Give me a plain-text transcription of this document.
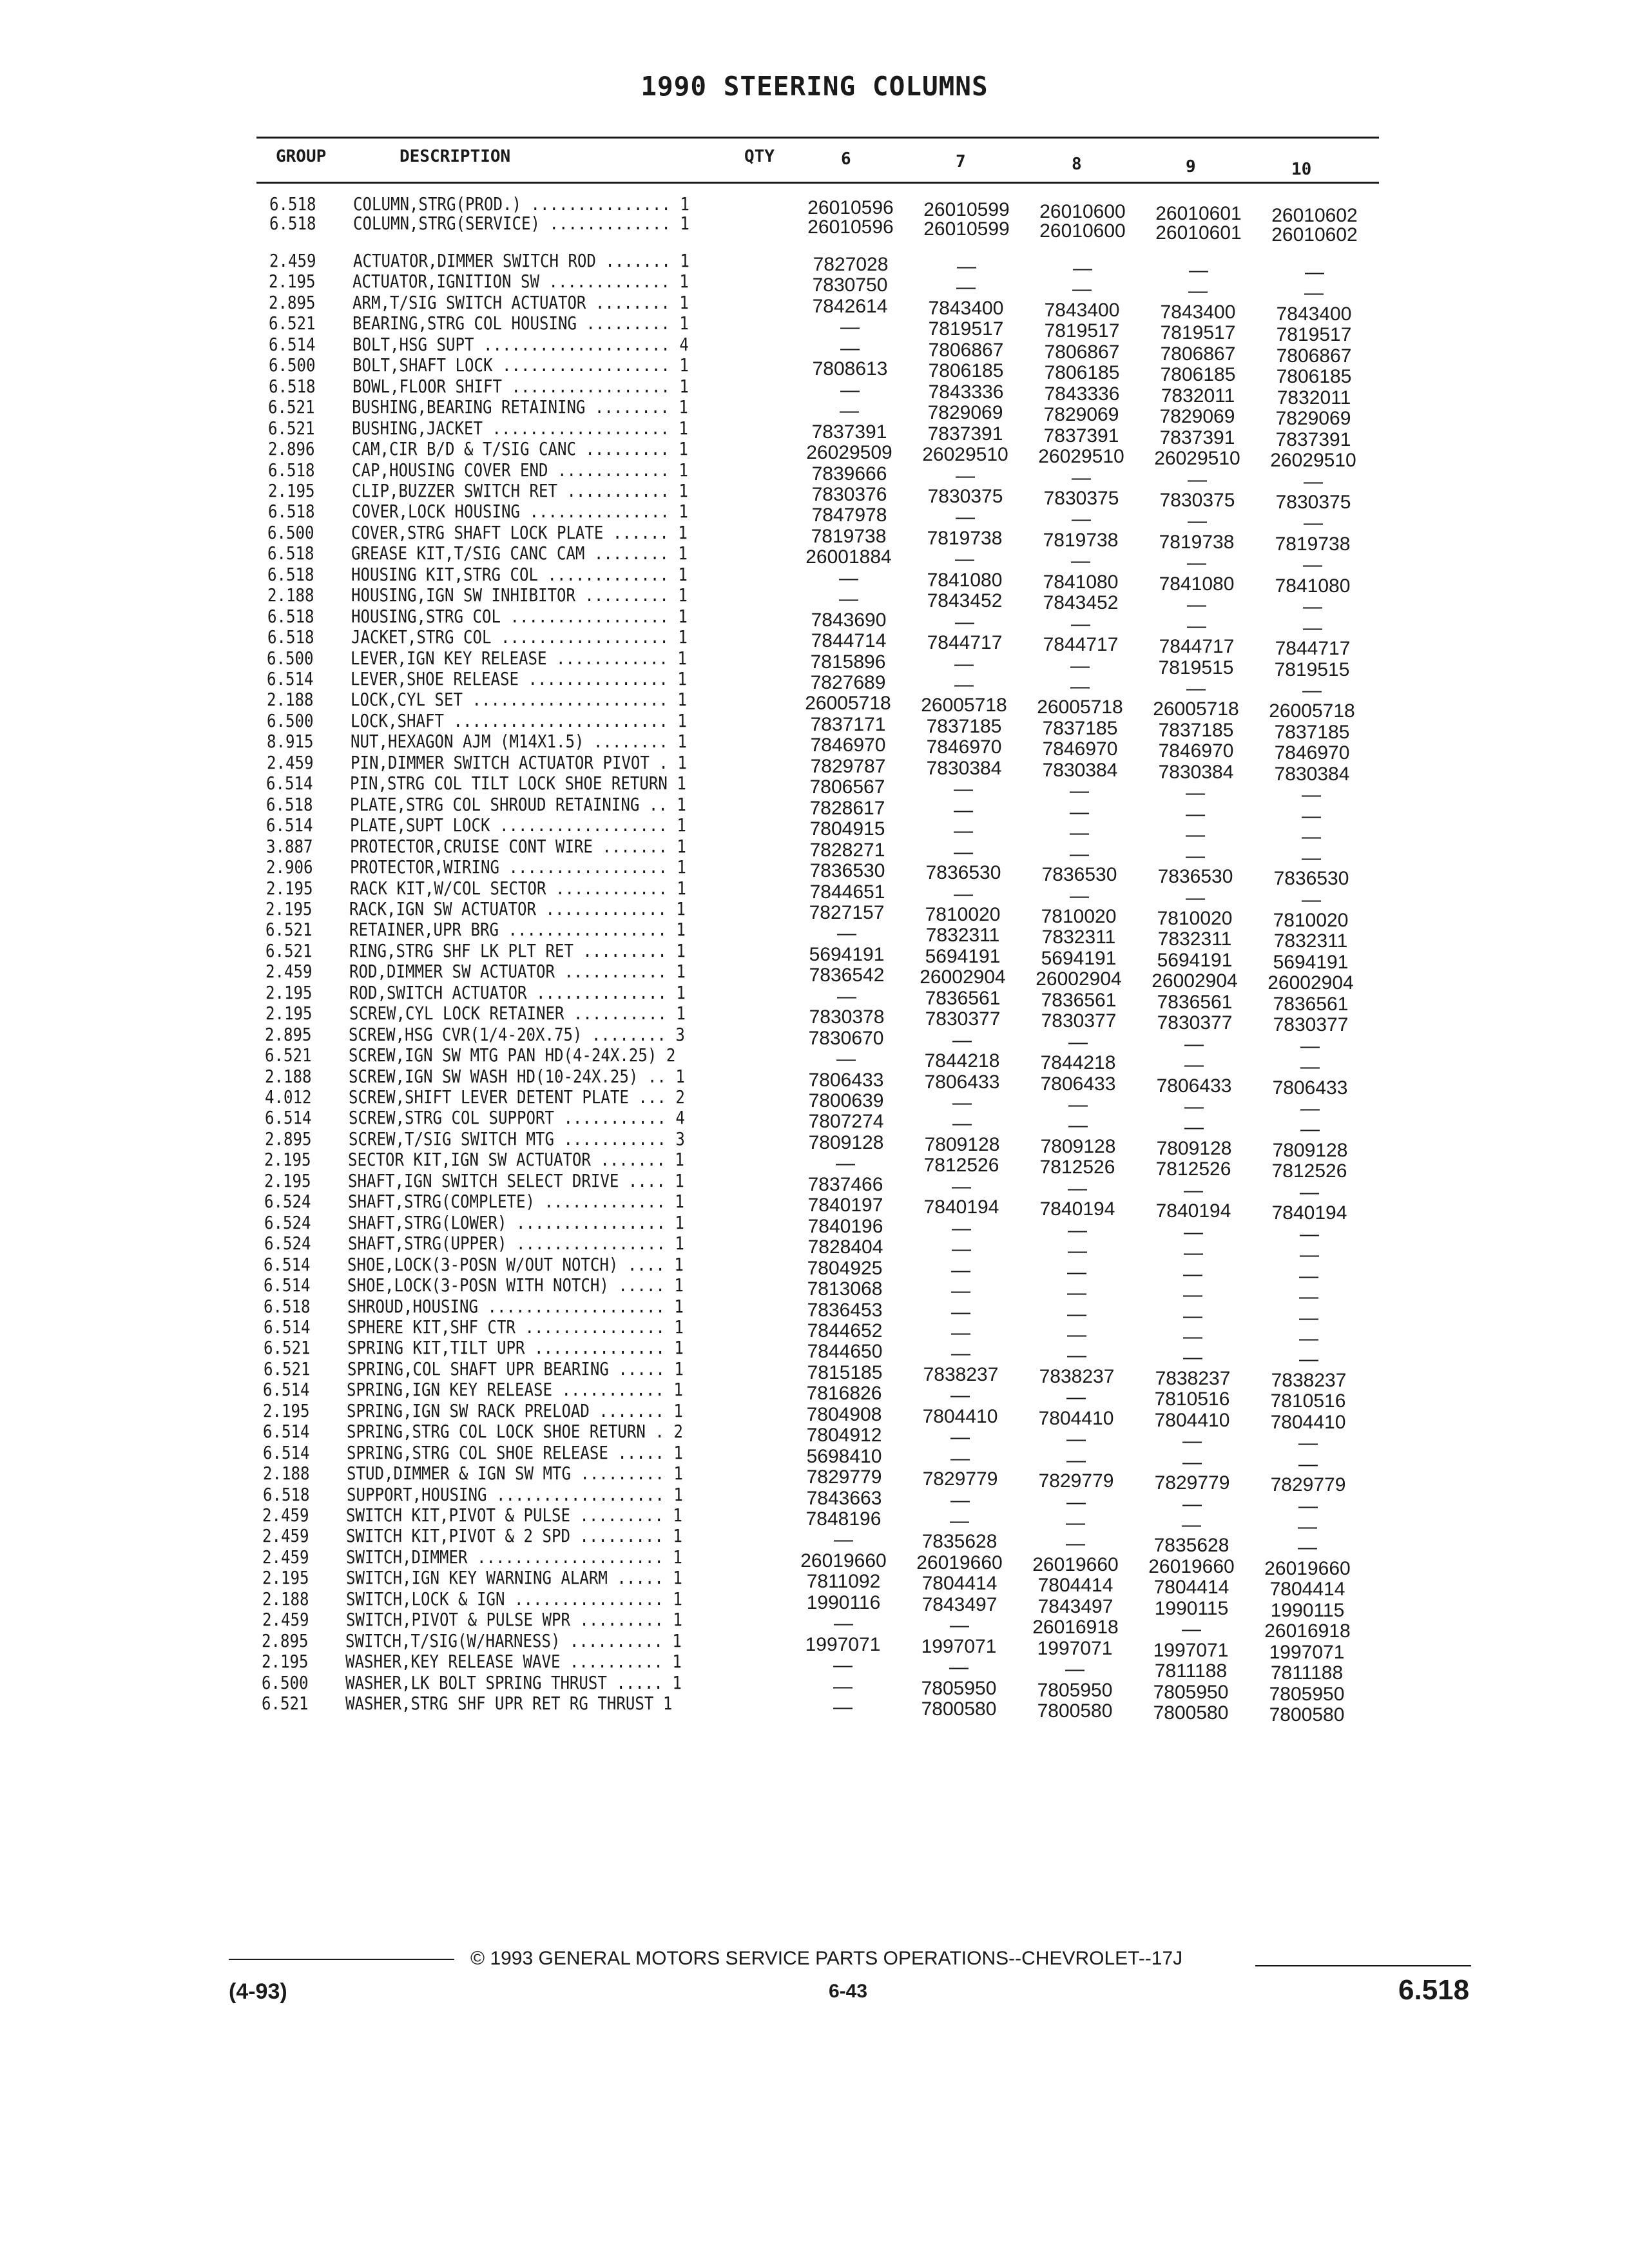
1990 STEERING COLUMNS
GROUP	DESCRIPTION	QTY	6	7	8	9	10
6.518 COLUMN,STRG(PROD.) ............... 1	26010596	26010599	26010600	26010601	26010602
6.518 COLUMN,STRG(SERVICE) ............. 1	26010596	26010599	26010600	26010601	26010602
2.459 ACTUATOR,DIMMER SWITCH ROD ....... 1	7827028	—	—	—	—
2.195 ACTUATOR,IGNITION SW ............. 1	7830750	—	—	—	—
2.895 ARM,T/SIG SWITCH ACTUATOR ........ 1	7842614	7843400	7843400	7843400	7843400
6.521 BEARING,STRG COL HOUSING ......... 1	—	7819517	7819517	7819517	7819517
6.514 BOLT,HSG SUPT .................... 4	—	7806867	7806867	7806867	7806867
6.500 BOLT,SHAFT LOCK .................. 1	7808613	7806185	7806185	7806185	7806185
6.518 BOWL,FLOOR SHIFT ................. 1	—	7843336	7843336	7832011	7832011
6.521 BUSHING,BEARING RETAINING ........ 1	—	7829069	7829069	7829069	7829069
6.521 BUSHING,JACKET ................... 1	7837391	7837391	7837391	7837391	7837391
2.896 CAM,CIR B/D & T/SIG CANC ......... 1	26029509	26029510	26029510	26029510	26029510
6.518 CAP,HOUSING COVER END ............ 1	7839666	—	—	—	—
2.195 CLIP,BUZZER SWITCH RET ........... 1	7830376	7830375	7830375	7830375	7830375
6.518 COVER,LOCK HOUSING ............... 1	7847978	—	—	—	—
6.500 COVER,STRG SHAFT LOCK PLATE ...... 1	7819738	7819738	7819738	7819738	7819738
6.518 GREASE KIT,T/SIG CANC CAM ........ 1	26001884	—	—	—	—
6.518 HOUSING KIT,STRG COL ............. 1	—	7841080	7841080	7841080	7841080
2.188 HOUSING,IGN SW INHIBITOR ......... 1	—	7843452	7843452	—	—
6.518 HOUSING,STRG COL ................. 1	7843690	—	—	—	—
6.518 JACKET,STRG COL .................. 1	7844714	7844717	7844717	7844717	7844717
6.500 LEVER,IGN KEY RELEASE ............ 1	7815896	—	—	7819515	7819515
6.514 LEVER,SHOE RELEASE ............... 1	7827689	—	—	—	—
2.188 LOCK,CYL SET ..................... 1	26005718	26005718	26005718	26005718	26005718
6.500 LOCK,SHAFT ....................... 1	7837171	7837185	7837185	7837185	7837185
8.915 NUT,HEXAGON AJM (M14X1.5) ........ 1	7846970	7846970	7846970	7846970	7846970
2.459 PIN,DIMMER SWITCH ACTUATOR PIVOT . 1	7829787	7830384	7830384	7830384	7830384
6.514 PIN,STRG COL TILT LOCK SHOE RETURN 1	7806567	—	—	—	—
6.518 PLATE,STRG COL SHROUD RETAINING .. 1	7828617	—	—	—	—
6.514 PLATE,SUPT LOCK .................. 1	7804915	—	—	—	—
3.887 PROTECTOR,CRUISE CONT WIRE ....... 1	7828271	—	—	—	—
2.906 PROTECTOR,WIRING ................. 1	7836530	7836530	7836530	7836530	7836530
2.195 RACK KIT,W/COL SECTOR ............ 1	7844651	—	—	—	—
2.195 RACK,IGN SW ACTUATOR ............. 1	7827157	7810020	7810020	7810020	7810020
6.521 RETAINER,UPR BRG ................. 1	—	7832311	7832311	7832311	7832311
6.521 RING,STRG SHF LK PLT RET ......... 1	5694191	5694191	5694191	5694191	5694191
2.459 ROD,DIMMER SW ACTUATOR ........... 1	7836542	26002904	26002904	26002904	26002904
2.195 ROD,SWITCH ACTUATOR .............. 1	—	7836561	7836561	7836561	7836561
2.195 SCREW,CYL LOCK RETAINER .......... 1	7830378	7830377	7830377	7830377	7830377
2.895 SCREW,HSG CVR(1/4-20X.75) ........ 3	7830670	—	—	—	—
6.521 SCREW,IGN SW MTG PAN HD(4-24X.25) 2	—	7844218	7844218	—	—
2.188 SCREW,IGN SW WASH HD(10-24X.25) .. 1	7806433	7806433	7806433	7806433	7806433
4.012 SCREW,SHIFT LEVER DETENT PLATE ... 2	7800639	—	—	—	—
6.514 SCREW,STRG COL SUPPORT ........... 4	7807274	—	—	—	—
2.895 SCREW,T/SIG SWITCH MTG ........... 3	7809128	7809128	7809128	7809128	7809128
2.195 SECTOR KIT,IGN SW ACTUATOR ....... 1	—	7812526	7812526	7812526	7812526
2.195 SHAFT,IGN SWITCH SELECT DRIVE .... 1	7837466	—	—	—	—
6.524 SHAFT,STRG(COMPLETE) ............. 1	7840197	7840194	7840194	7840194	7840194
6.524 SHAFT,STRG(LOWER) ................ 1	7840196	—	—	—	—
6.524 SHAFT,STRG(UPPER) ................ 1	7828404	—	—	—	—
6.514 SHOE,LOCK(3-POSN W/OUT NOTCH) .... 1	7804925	—	—	—	—
6.514 SHOE,LOCK(3-POSN WITH NOTCH) ..... 1	7813068	—	—	—	—
6.518 SHROUD,HOUSING ................... 1	7836453	—	—	—	—
6.514 SPHERE KIT,SHF CTR ............... 1	7844652	—	—	—	—
6.521 SPRING KIT,TILT UPR .............. 1	7844650	—	—	—	—
6.521 SPRING,COL SHAFT UPR BEARING ..... 1	7815185	7838237	7838237	7838237	7838237
6.514 SPRING,IGN KEY RELEASE ........... 1	7816826	—	—	7810516	7810516
2.195 SPRING,IGN SW RACK PRELOAD ....... 1	7804908	7804410	7804410	7804410	7804410
6.514 SPRING,STRG COL LOCK SHOE RETURN . 2	7804912	—	—	—	—
6.514 SPRING,STRG COL SHOE RELEASE ..... 1	5698410	—	—	—	—
2.188 STUD,DIMMER & IGN SW MTG ......... 1	7829779	7829779	7829779	7829779	7829779
6.518 SUPPORT,HOUSING .................. 1	7843663	—	—	—	—
2.459 SWITCH KIT,PIVOT & PULSE ......... 1	7848196	—	—	—	—
2.459 SWITCH KIT,PIVOT & 2 SPD ......... 1	—	7835628	—	7835628	—
2.459 SWITCH,DIMMER .................... 1	26019660	26019660	26019660	26019660	26019660
2.195 SWITCH,IGN KEY WARNING ALARM ..... 1	7811092	7804414	7804414	7804414	7804414
2.188 SWITCH,LOCK & IGN ................ 1	1990116	7843497	7843497	1990115	1990115
2.459 SWITCH,PIVOT & PULSE WPR ......... 1	—	—	26016918	—	26016918
2.895 SWITCH,T/SIG(W/HARNESS) .......... 1	1997071	1997071	1997071	1997071	1997071
2.195 WASHER,KEY RELEASE WAVE .......... 1	—	—	—	7811188	7811188
6.500 WASHER,LK BOLT SPRING THRUST ..... 1	—	7805950	7805950	7805950	7805950
6.521 WASHER,STRG SHF UPR RET RG THRUST 1	—	7800580	7800580	7800580	7800580
© 1993 GENERAL MOTORS SERVICE PARTS OPERATIONS--CHEVROLET--17J
(4-93)	6-43	6.518
